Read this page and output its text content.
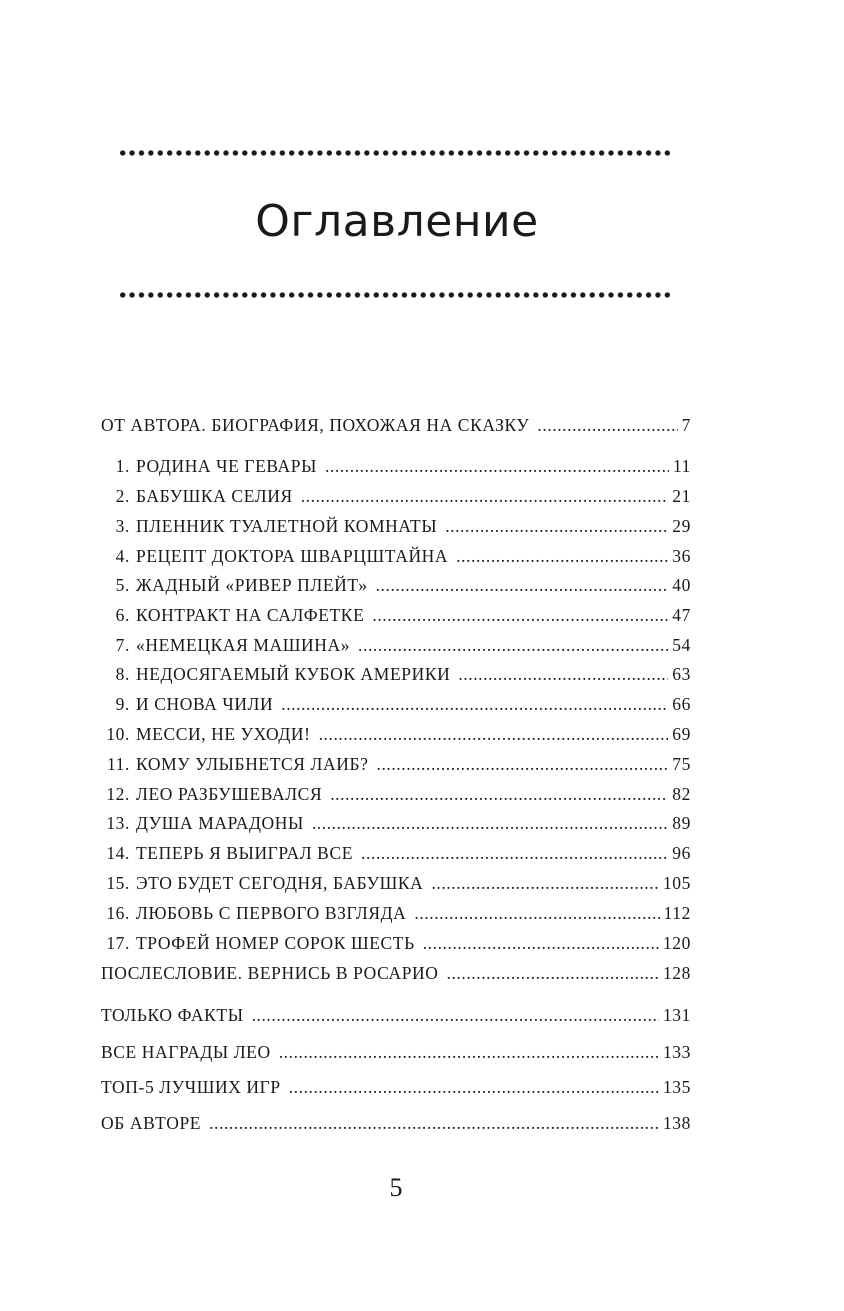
Оглавление
ОТ АВТОРА. БИОГРАФИЯ, ПОХОЖАЯ НА СКАЗКУ . . .	7
1. РОДИНА ЧЕ ГЕВАРЫ . . .	11
2. БАБУШКА СЕЛИЯ . . .	21
3. ПЛЕННИК ТУАЛЕТНОЙ КОМНАТЫ . . .	29
4. РЕЦЕПТ ДОКТОРА ШВАРЦШТАЙНА . . .	36
5. ЖАДНЫЙ «РИВЕР ПЛЕЙТ» . . .	40
6. КОНТРАКТ НА САЛФЕТКЕ . . .	47
7. «НЕМЕЦКАЯ МАШИНА» . . .	54
8. НЕДОСЯГАЕМЫЙ КУБОК АМЕРИКИ . . .	63
9. И СНОВА ЧИЛИ . . .	66
10. МЕССИ, НЕ УХОДИ! . . .	69
11. КОМУ УЛЫБНЕТСЯ ЛАИБ? . . .	75
12. ЛЕО РАЗБУШЕВАЛСЯ . . .	82
13. ДУША МАРАДОНЫ . . .	89
14. ТЕПЕРЬ Я ВЫИГРАЛ ВСЕ . . .	96
15. ЭТО БУДЕТ СЕГОДНЯ, БАБУШКА . . .	105
16. ЛЮБОВЬ С ПЕРВОГО ВЗГЛЯДА . . .	112
17. ТРОФЕЙ НОМЕР СОРОК ШЕСТЬ . . .	120
ПОСЛЕСЛОВИЕ. ВЕРНИСЬ В РОСАРИО . . .	128
ТОЛЬКО ФАКТЫ . . .	131
ВСЕ НАГРАДЫ ЛЕО . . .	133
ТОП-5 ЛУЧШИХ ИГР . . .	135
ОБ АВТОРЕ . . .	138
5
